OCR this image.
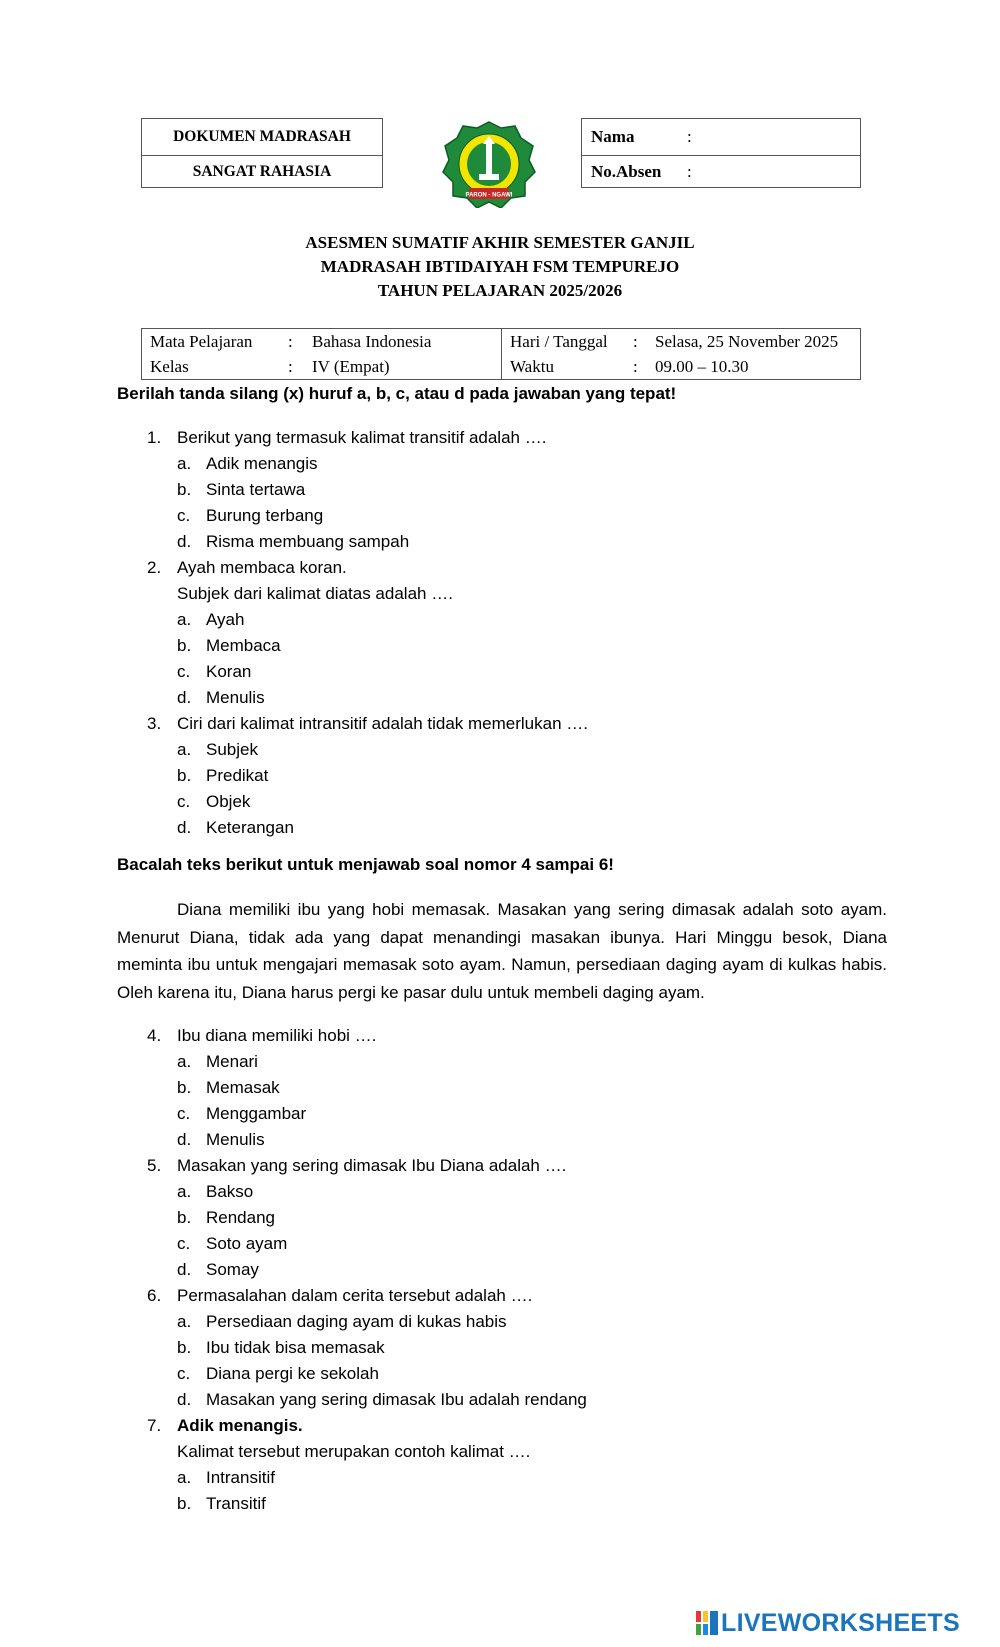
DOKUMEN MADRASAH
SANGAT RAHASIA
PARON - NGAWI
Nama	:
No.Absen	:
ASESMEN SUMATIF AKHIR SEMESTER GANJIL
MADRASAH IBTIDAIYAH FSM TEMPUREJO
TAHUN PELAJARAN 2025/2026
Mata Pelajaran : Bahasa Indonesia
Kelas	: IV (Empat)
Hari / Tanggal : Selasa, 25 November 2025
Waktu	: 09.00 – 10.30
Berilah tanda silang (x) huruf a, b, c, atau d pada jawaban yang tepat!
1. Berikut yang termasuk kalimat transitif adalah ….
a. Adik menangis
b. Sinta tertawa
c. Burung terbang
d. Risma membuang sampah
2. Ayah membaca koran.
Subjek dari kalimat diatas adalah ….
a. Ayah
b. Membaca
c. Koran
d. Menulis
3. Ciri dari kalimat intransitif adalah tidak memerlukan ….
a. Subjek
b. Predikat
c. Objek
d. Keterangan
Bacalah teks berikut untuk menjawab soal nomor 4 sampai 6!

Diana memiliki ibu yang hobi memasak. Masakan yang sering dimasak adalah soto ayam. Menurut Diana, tidak ada yang dapat menandingi masakan ibunya. Hari Minggu besok, Diana meminta ibu untuk mengajari memasak soto ayam. Namun, persediaan daging ayam di kulkas habis. Oleh karena itu, Diana harus pergi ke pasar dulu untuk membeli daging ayam.

4. Ibu diana memiliki hobi ….
a. Menari
b. Memasak
c. Menggambar
d. Menulis
5. Masakan yang sering dimasak Ibu Diana adalah ….
a. Bakso
b. Rendang
c. Soto ayam
d. Somay
6. Permasalahan dalam cerita tersebut adalah ….
a. Persediaan daging ayam di kukas habis
b. Ibu tidak bisa memasak
c. Diana pergi ke sekolah
d. Masakan yang sering dimasak Ibu adalah rendang
7. Adik menangis.
Kalimat tersebut merupakan contoh kalimat ….
a. Intransitif
b. Transitif
LIVEWORKSHEETS
